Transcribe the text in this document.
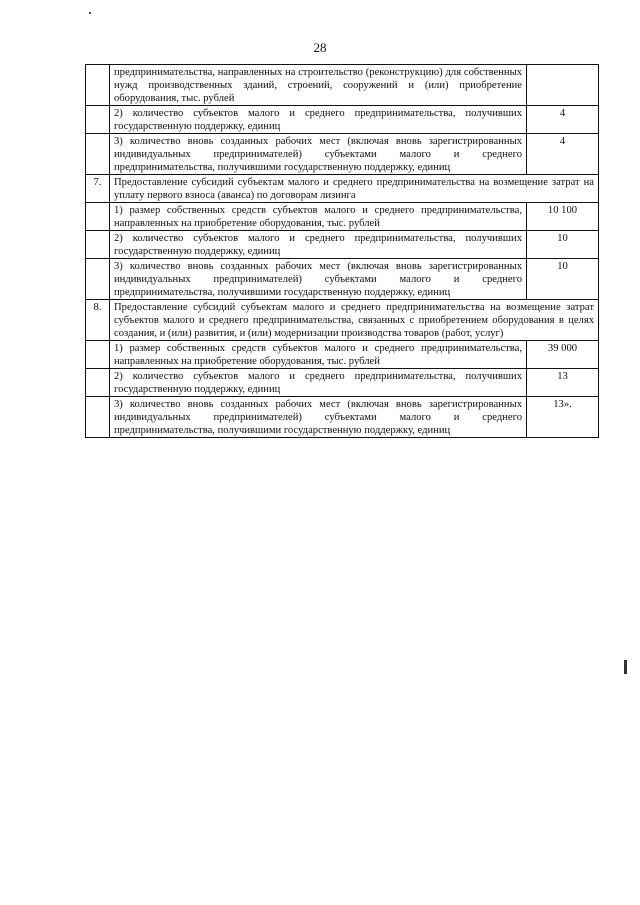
28
	предпринимательства, направленных на строительство (реконструкцию) для собственных нужд производственных зданий, строений, сооружений и (или) приобретение оборудования, тыс. рублей	
	2) количество субъектов малого и среднего предпринимательства, получивших государственную поддержку, единиц	4
	3) количество вновь созданных рабочих мест (включая вновь зарегистрированных индивидуальных предпринимателей) субъектами малого и среднего предпринимательства, получившими государственную поддержку, единиц	4
7.	Предоставление субсидий субъектам малого и среднего предпринимательства на возмещение затрат на уплату первого взноса (аванса) по договорам лизинга	
	1) размер собственных средств субъектов малого и среднего предпринимательства, направленных на приобретение оборудования, тыс. рублей	10 100
	2) количество субъектов малого и среднего предпринимательства, получивших государственную поддержку, единиц	10
	3) количество вновь созданных рабочих мест (включая вновь зарегистрированных индивидуальных предпринимателей) субъектами малого и среднего предпринимательства, получившими государственную поддержку, единиц	10
8.	Предоставление субсидий субъектам малого и среднего предпринимательства на возмещение затрат субъектов малого и среднего предпринимательства, связанных с приобретением оборудования в целях создания, и (или) развития, и (или) модернизации производства товаров (работ, услуг)	
	1) размер собственных средств субъектов малого и среднего предпринимательства, направленных на приобретение оборудования, тыс. рублей	39 000
	2) количество субъектов малого и среднего предпринимательства, получивших государственную поддержку, единиц	13
	3) количество вновь созданных рабочих мест (включая вновь зарегистрированных индивидуальных предпринимателей) субъектами малого и среднего предпринимательства, получившими государственную поддержку, единиц	13».
